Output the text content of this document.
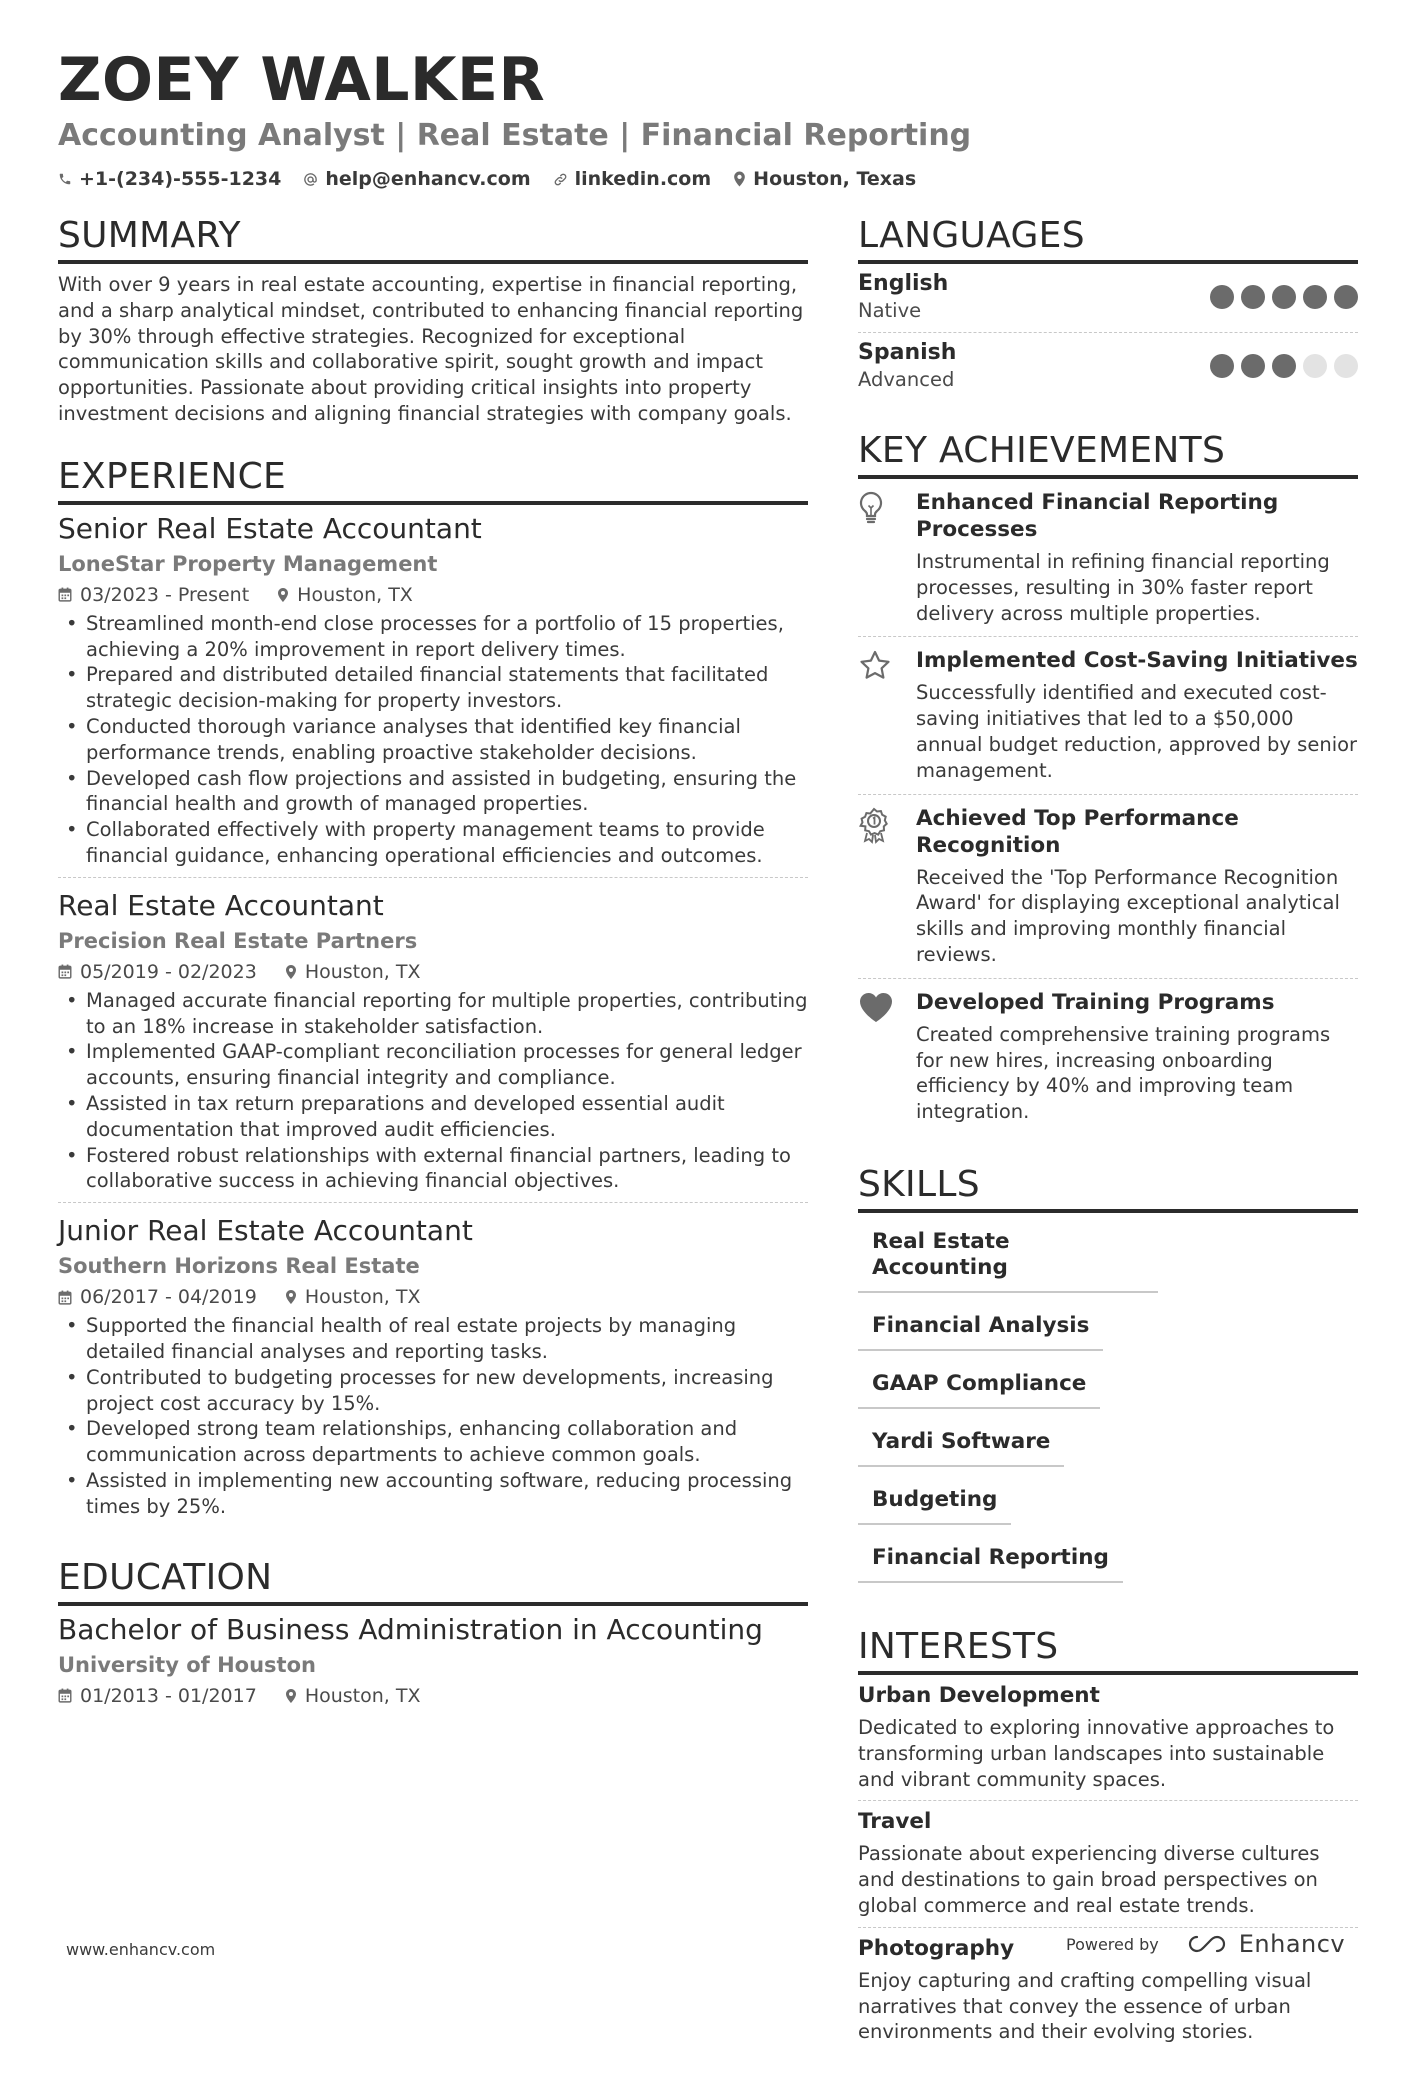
ZOEY WALKER
Accounting Analyst | Real Estate | Financial Reporting
+1-(234)-555-1234 help@enhancv.com linkedin.com Houston, Texas
SUMMARY
With over 9 years in real estate accounting, expertise in financial reporting, and a sharp analytical mindset, contributed to enhancing financial reporting by 30% through effective strategies. Recognized for exceptional communication skills and collaborative spirit, sought growth and impact opportunities. Passionate about providing critical insights into property investment decisions and aligning financial strategies with company goals.
EXPERIENCE
Senior Real Estate Accountant
LoneStar Property Management
03/2023 - Present	Houston, TX
• Streamlined month-end close processes for a portfolio of 15 properties, achieving a 20% improvement in report delivery times.
• Prepared and distributed detailed financial statements that facilitated strategic decision-making for property investors.
• Conducted thorough variance analyses that identified key financial performance trends, enabling proactive stakeholder decisions.
• Developed cash flow projections and assisted in budgeting, ensuring the financial health and growth of managed properties.
• Collaborated effectively with property management teams to provide financial guidance, enhancing operational efficiencies and outcomes.
Real Estate Accountant
Precision Real Estate Partners
05/2019 - 02/2023	Houston, TX
• Managed accurate financial reporting for multiple properties, contributing to an 18% increase in stakeholder satisfaction.
• Implemented GAAP-compliant reconciliation processes for general ledger accounts, ensuring financial integrity and compliance.
• Assisted in tax return preparations and developed essential audit documentation that improved audit efficiencies.
• Fostered robust relationships with external financial partners, leading to collaborative success in achieving financial objectives.
Junior Real Estate Accountant
Southern Horizons Real Estate
06/2017 - 04/2019	Houston, TX
• Supported the financial health of real estate projects by managing detailed financial analyses and reporting tasks.
• Contributed to budgeting processes for new developments, increasing project cost accuracy by 15%.
• Developed strong team relationships, enhancing collaboration and communication across departments to achieve common goals.
• Assisted in implementing new accounting software, reducing processing times by 25%.
EDUCATION
Bachelor of Business Administration in Accounting
University of Houston
01/2013 - 01/2017	Houston, TX
LANGUAGES
English
Native
Spanish
Advanced
KEY ACHIEVEMENTS
Enhanced Financial Reporting Processes
Instrumental in refining financial reporting processes, resulting in 30% faster report delivery across multiple properties.
Implemented Cost-Saving Initiatives
Successfully identified and executed cost-saving initiatives that led to a $50,000 annual budget reduction, approved by senior management.
Achieved Top Performance Recognition
Received the 'Top Performance Recognition Award' for displaying exceptional analytical skills and improving monthly financial reviews.
Developed Training Programs
Created comprehensive training programs for new hires, increasing onboarding efficiency by 40% and improving team integration.
SKILLS
Real Estate Accounting
Financial Analysis
GAAP Compliance
Yardi Software
Budgeting
Financial Reporting
INTERESTS
Urban Development
Dedicated to exploring innovative approaches to transforming urban landscapes into sustainable and vibrant community spaces.
Travel
Passionate about experiencing diverse cultures and destinations to gain broad perspectives on global commerce and real estate trends.
Photography
Enjoy capturing and crafting compelling visual narratives that convey the essence of urban environments and their evolving stories.
www.enhancv.com	Powered by	Enhancv
